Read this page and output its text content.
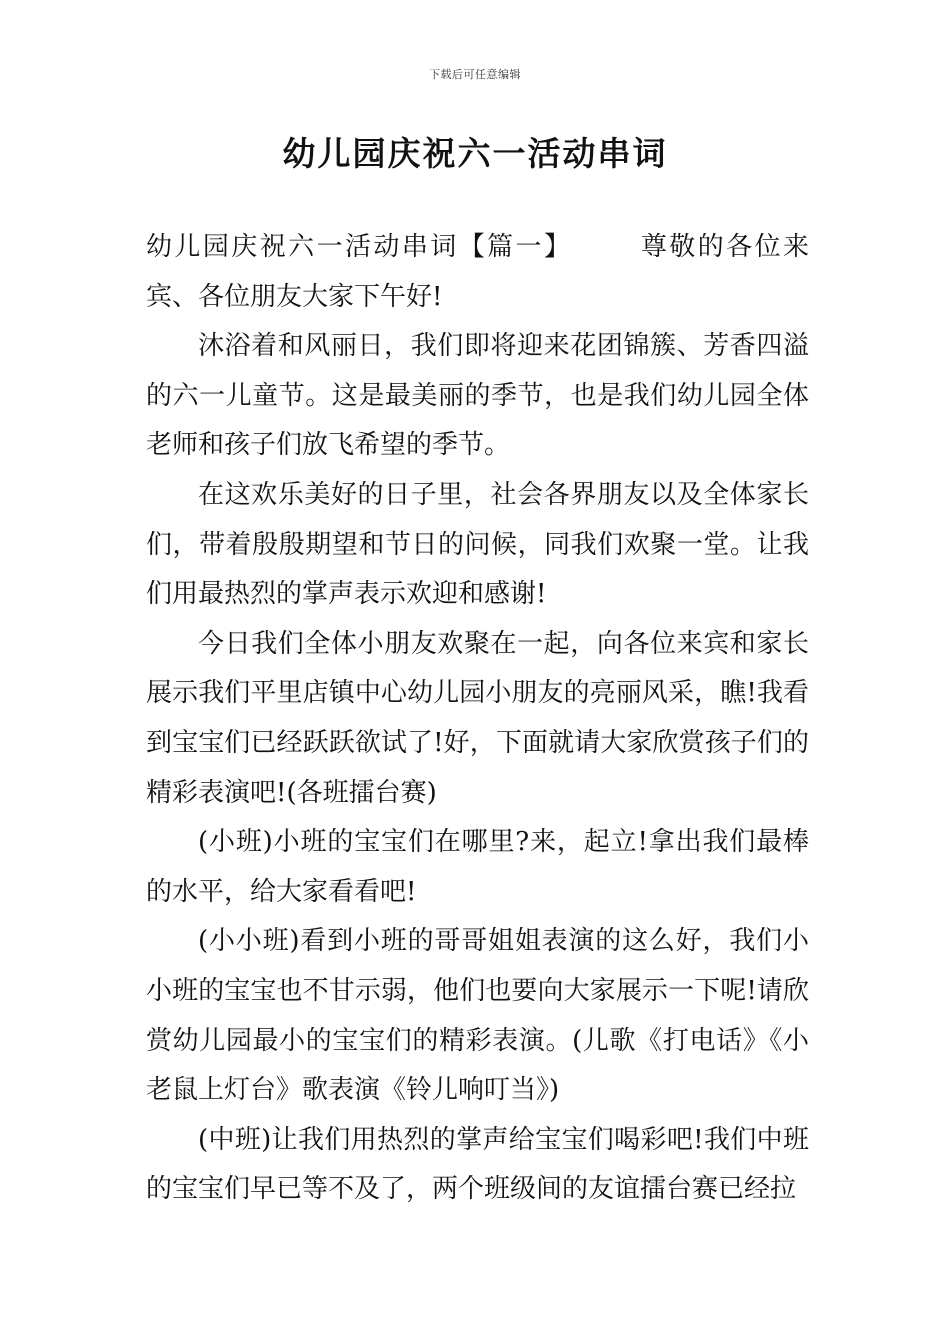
下载后可任意编辑
幼儿园庆祝六一活动串词

幼儿园庆祝六一活动串词【篇一】	尊敬的各位来宾、各位朋友大家下午好!

沐浴着和风丽日，我们即将迎来花团锦簇、芳香四溢的六一儿童节。这是最美丽的季节，也是我们幼儿园全体老师和孩子们放飞希望的季节。

在这欢乐美好的日子里，社会各界朋友以及全体家长们，带着殷殷期望和节日的问候，同我们欢聚一堂。让我们用最热烈的掌声表示欢迎和感谢!

今日我们全体小朋友欢聚在一起，向各位来宾和家长展示我们平里店镇中心幼儿园小朋友的亮丽风采，瞧!我看到宝宝们已经跃跃欲试了!好，下面就请大家欣赏孩子们的精彩表演吧!(各班擂台赛)

(小班)小班的宝宝们在哪里?来，起立!拿出我们最棒的水平，给大家看看吧!

(小小班)看到小班的哥哥姐姐表演的这么好，我们小小班的宝宝也不甘示弱，他们也要向大家展示一下呢!请欣赏幼儿园最小的宝宝们的精彩表演。(儿歌《打电话》《小老鼠上灯台》歌表演《铃儿响叮当》)

(中班)让我们用热烈的掌声给宝宝们喝彩吧!我们中班的宝宝们早已等不及了，两个班级间的友谊擂台赛已经拉
